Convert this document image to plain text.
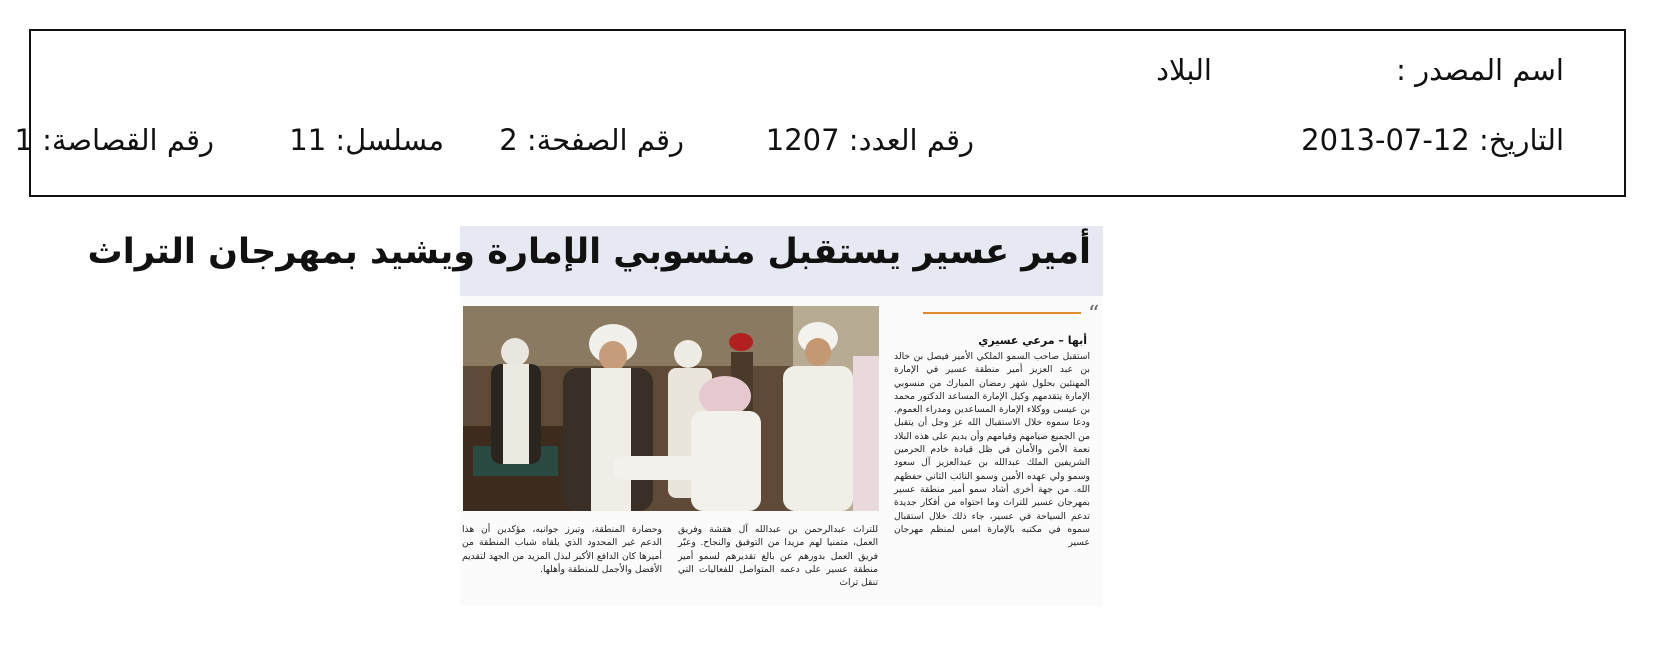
اسم المصدر :
البلاد
التاريخ: 12-07-2013
رقم العدد: 1207
رقم الصفحة: 2
مسلسل: 11
رقم القصاصة: 1
أمير عسير يستقبل منسوبي الإمارة ويشيد بمهرجان التراث
“
أبها – مرعي عسيري
استقبل صاحب السمو الملكي الأمير فيصل بن خالد بن عبد العزيز أمير منطقة عسير في الإمارة المهنئين بحلول شهر رمضان المبارك من منسوبي الإمارة يتقدمهم وكيل الإمارة المساعد الدكتور محمد بن عيسى ووكلاء الإمارة المساعدين ومدراء العموم. ودعا سموه خلال الاستقبال الله عز وجل أن يتقبل من الجميع صيامهم وقيامهم وأن يديم على هذه البلاد نعمة الأمن والأمان في ظل قيادة خادم الحرمين الشريفين الملك عبدالله بن عبدالعزيز آل سعود وسمو ولي عهده الأمين وسمو النائب الثاني حفظهم الله. من جهة أخرى أشاد سمو أمير منطقة عسير بمهرجان عسير للتراث وما احتواه من أفكار جديدة تدعم السياحة في عسير، جاء ذلك خلال استقبال سموه في مكتبه بالإمارة امس لمنظم مهرجان عسير
للتراث عبدالرحمن بن عبدالله آل هقشة وفريق العمل، متمنيا لهم مزيدا من التوفيق والنجاح. وعبّر فريق العمل بدورهم عن بالغ تقديرهم لسمو أمير منطقة عسير على دعمه المتواصل للفعاليات التي تنقل تراث
وحضارة المنطقة، وتبرز جوانبه، مؤكدين أن هذا الدعم غير المحدود الذي يلقاه شباب المنطقة من أميرها كان الدافع الأكبر لبذل المزيد من الجهد لتقديم الأفضل والأجمل للمنطقة وأهلها.
